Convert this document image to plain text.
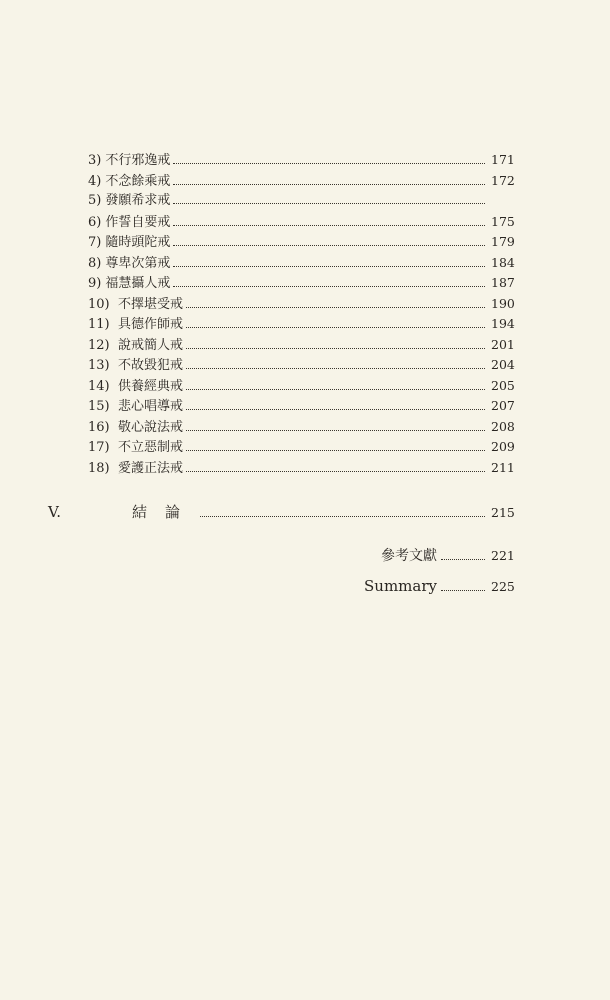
3) 不行邪逸戒	171
4) 不念餘乘戒	172
5) 發願希求戒
6) 作誓自要戒	175
7) 隨時頭陀戒	179
8) 尊卑次第戒	184
9) 福慧攝人戒	187
10) 不擇堪受戒	190
11) 具德作師戒	194
12) 說戒簡人戒	201
13) 不故毀犯戒	204
14) 供養經典戒	205
15) 悲心唱導戒	207
16) 敬心說法戒	208
17) 不立惡制戒	209
18) 愛護正法戒	211
V.	結論	215
參考文獻	221
Summary	225
